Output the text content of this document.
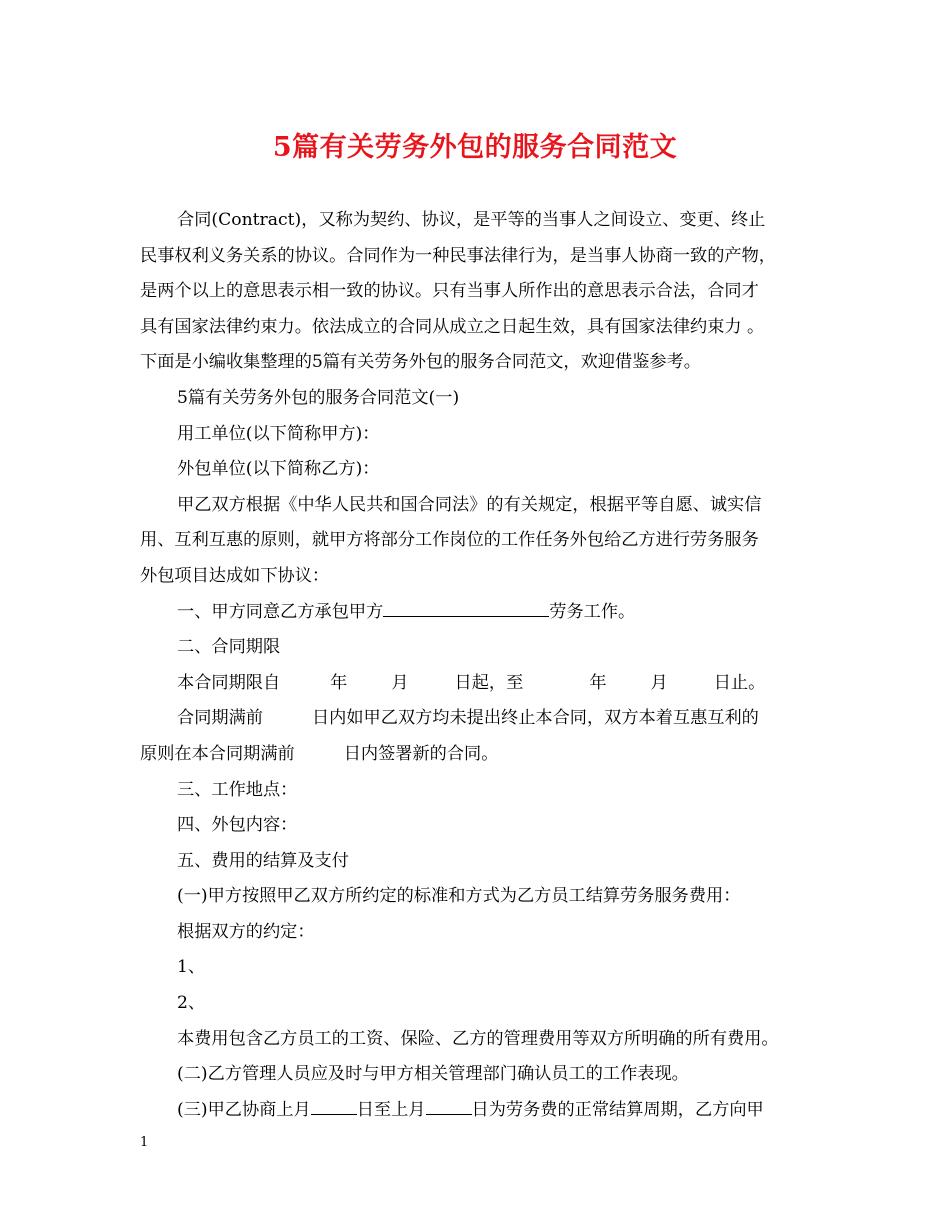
5篇有关劳务外包的服务合同范文

合同(Contract)，又称为契约、协议，是平等的当事人之间设立、变更、终止

民事权利义务关系的协议。合同作为一种民事法律行为，是当事人协商一致的产物，

是两个以上的意思表示相一致的协议。只有当事人所作出的意思表示合法，合同才

具有国家法律约束力。依法成立的合同从成立之日起生效，具有国家法律约束力 。

下面是小编收集整理的5篇有关劳务外包的服务合同范文，欢迎借鉴参考。

5篇有关劳务外包的服务合同范文(一)

用工单位(以下简称甲方)：

外包单位(以下简称乙方)：

甲乙双方根据《中华人民共和国合同法》的有关规定，根据平等自愿、诚实信

用、互利互惠的原则，就甲方将部分工作岗位的工作任务外包给乙方进行劳务服务

外包项目达成如下协议：

一、甲方同意乙方承包甲方	劳务工作。

二、合同期限

本合同期限自	年	月	日起，至	年	月	日止。

合同期满前	日内如甲乙双方均未提出终止本合同，双方本着互惠互利的

原则在本合同期满前	日内签署新的合同。

三、工作地点：

四、外包内容：

五、费用的结算及支付

(一)甲方按照甲乙双方所约定的标准和方式为乙方员工结算劳务服务费用：

根据双方的约定：

1、

2、

本费用包含乙方员工的工资、保险、乙方的管理费用等双方所明确的所有费用。

(二)乙方管理人员应及时与甲方相关管理部门确认员工的工作表现。

(三)甲乙协商上月	日至上月	日为劳务费的正常结算周期，乙方向甲

1
